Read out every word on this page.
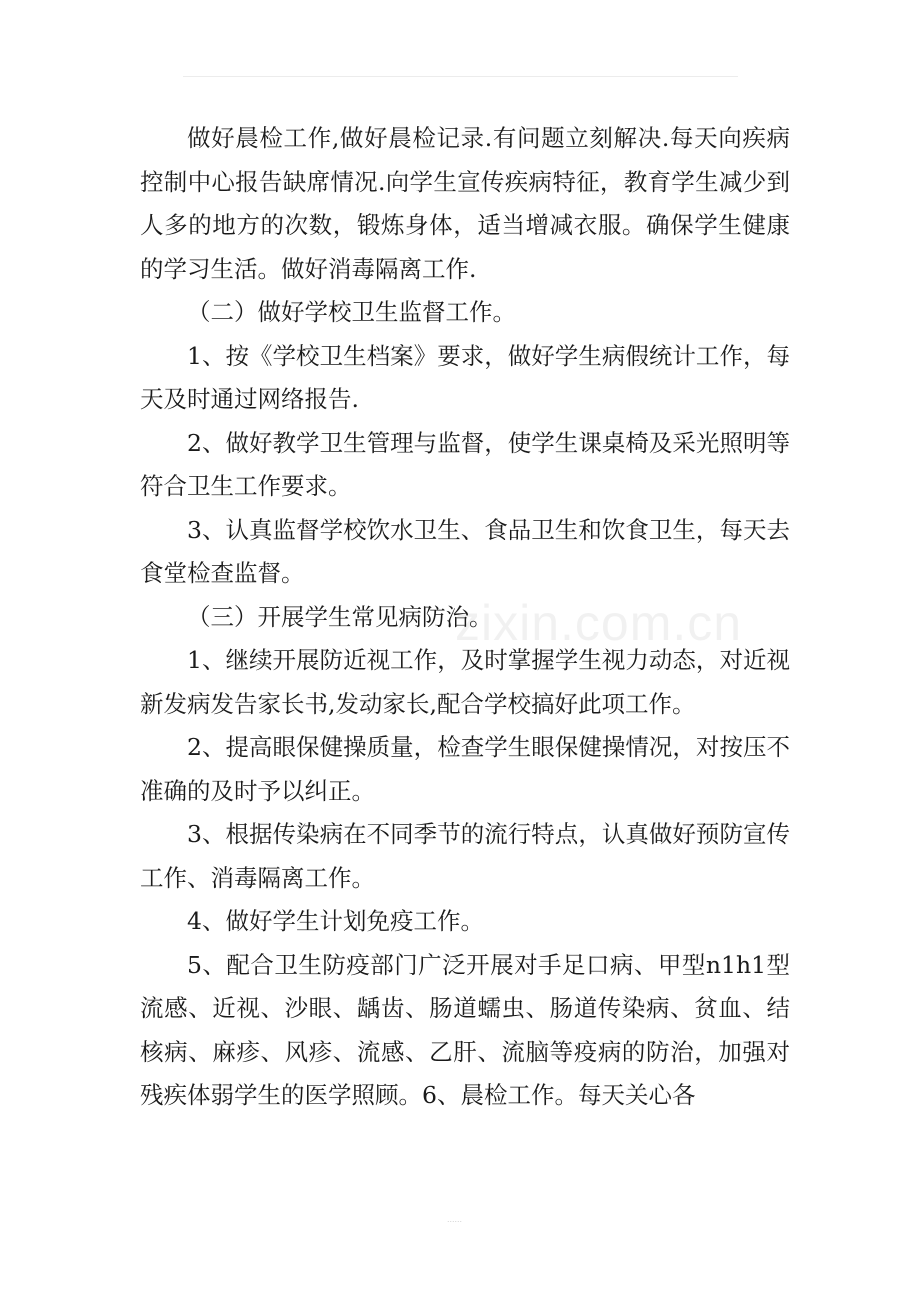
zixin.com.cn

做好晨检工作,做好晨检记录.有问题立刻解决.每天向疾病控制中心报告缺席情况.向学生宣传疾病特征，教育学生减少到人多的地方的次数，锻炼身体，适当增减衣服。确保学生健康的学习生活。做好消毒隔离工作.

（二）做好学校卫生监督工作。

1、按《学校卫生档案》要求，做好学生病假统计工作，每天及时通过网络报告.

2、做好教学卫生管理与监督，使学生课桌椅及采光照明等符合卫生工作要求。

3、认真监督学校饮水卫生、食品卫生和饮食卫生，每天去食堂检查监督。

（三）开展学生常见病防治。

1、继续开展防近视工作，及时掌握学生视力动态，对近视新发病发告家长书,发动家长,配合学校搞好此项工作。

2、提高眼保健操质量，检查学生眼保健操情况，对按压不准确的及时予以纠正。

3、根据传染病在不同季节的流行特点，认真做好预防宣传工作、消毒隔离工作。

4、做好学生计划免疫工作。

5、配合卫生防疫部门广泛开展对手足口病、甲型n1h1型流感、近视、沙眼、龋齿、肠道蠕虫、肠道传染病、贫血、结核病、麻疹、风疹、流感、乙肝、流脑等疫病的防治，加强对残疾体弱学生的医学照顾。6、晨检工作。每天关心各

......
